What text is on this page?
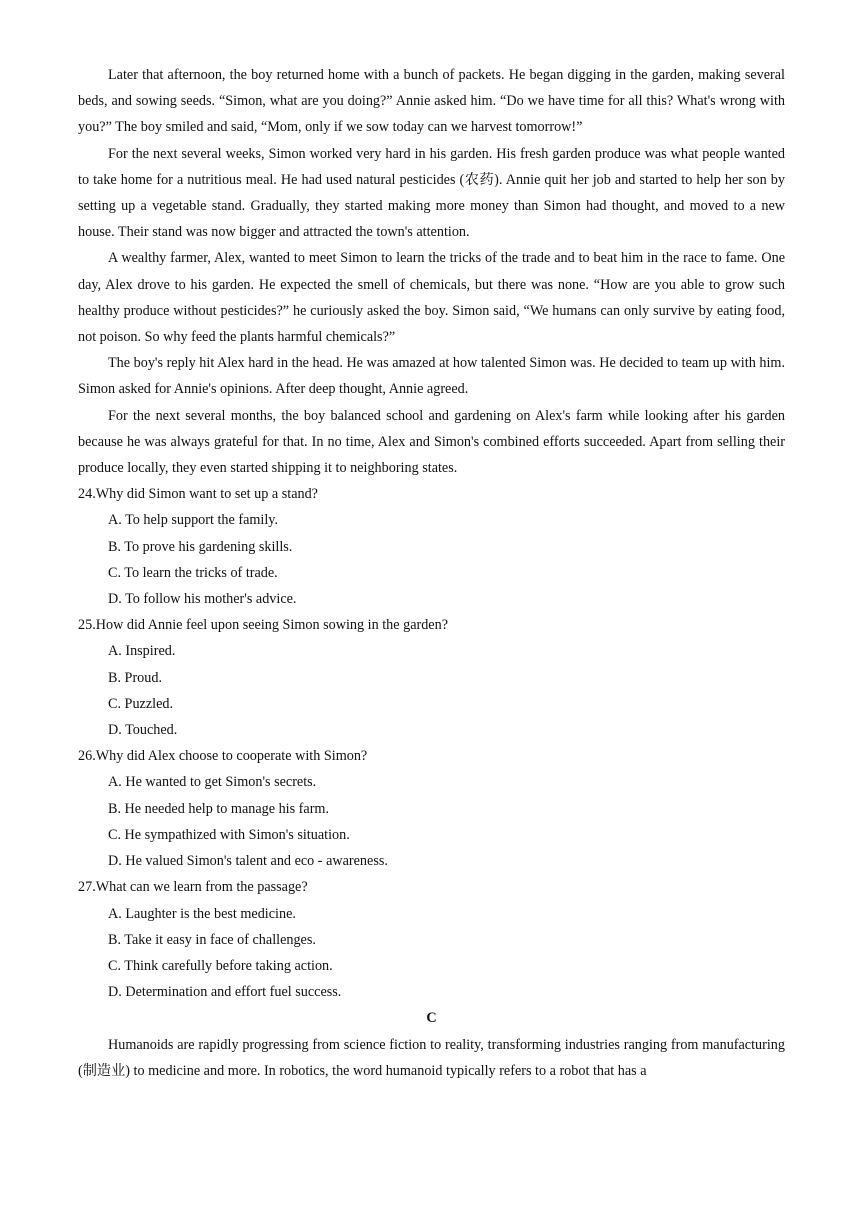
Later that afternoon, the boy returned home with a bunch of packets. He began digging in the garden, making several beds, and sowing seeds. “Simon, what are you doing?” Annie asked him. “Do we have time for all this? What's wrong with you?” The boy smiled and said, “Mom, only if we sow today can we harvest tomorrow!”

For the next several weeks, Simon worked very hard in his garden. His fresh garden produce was what people wanted to take home for a nutritious meal. He had used natural pesticides (农药). Annie quit her job and started to help her son by setting up a vegetable stand. Gradually, they started making more money than Simon had thought, and moved to a new house. Their stand was now bigger and attracted the town's attention.

A wealthy farmer, Alex, wanted to meet Simon to learn the tricks of the trade and to beat him in the race to fame. One day, Alex drove to his garden. He expected the smell of chemicals, but there was none. “How are you able to grow such healthy produce without pesticides?” he curiously asked the boy. Simon said, “We humans can only survive by eating food, not poison. So why feed the plants harmful chemicals?”

The boy's reply hit Alex hard in the head. He was amazed at how talented Simon was. He decided to team up with him. Simon asked for Annie's opinions. After deep thought, Annie agreed.

For the next several months, the boy balanced school and gardening on Alex's farm while looking after his garden because he was always grateful for that. In no time, Alex and Simon's combined efforts succeeded. Apart from selling their produce locally, they even started shipping it to neighboring states.

24.Why did Simon want to set up a stand?

A. To help support the family.

B. To prove his gardening skills.

C. To learn the tricks of trade.

D. To follow his mother's advice.

25.How did Annie feel upon seeing Simon sowing in the garden?

A. Inspired.

B. Proud.

C. Puzzled.

D. Touched.

26.Why did Alex choose to cooperate with Simon?

A. He wanted to get Simon's secrets.

B. He needed help to manage his farm.

C. He sympathized with Simon's situation.

D. He valued Simon's talent and eco - awareness.

27.What can we learn from the passage?

A. Laughter is the best medicine.

B. Take it easy in face of challenges.

C. Think carefully before taking action.

D. Determination and effort fuel success.

C

Humanoids are rapidly progressing from science fiction to reality, transforming industries ranging from manufacturing (制造业) to medicine and more. In robotics, the word humanoid typically refers to a robot that has a
